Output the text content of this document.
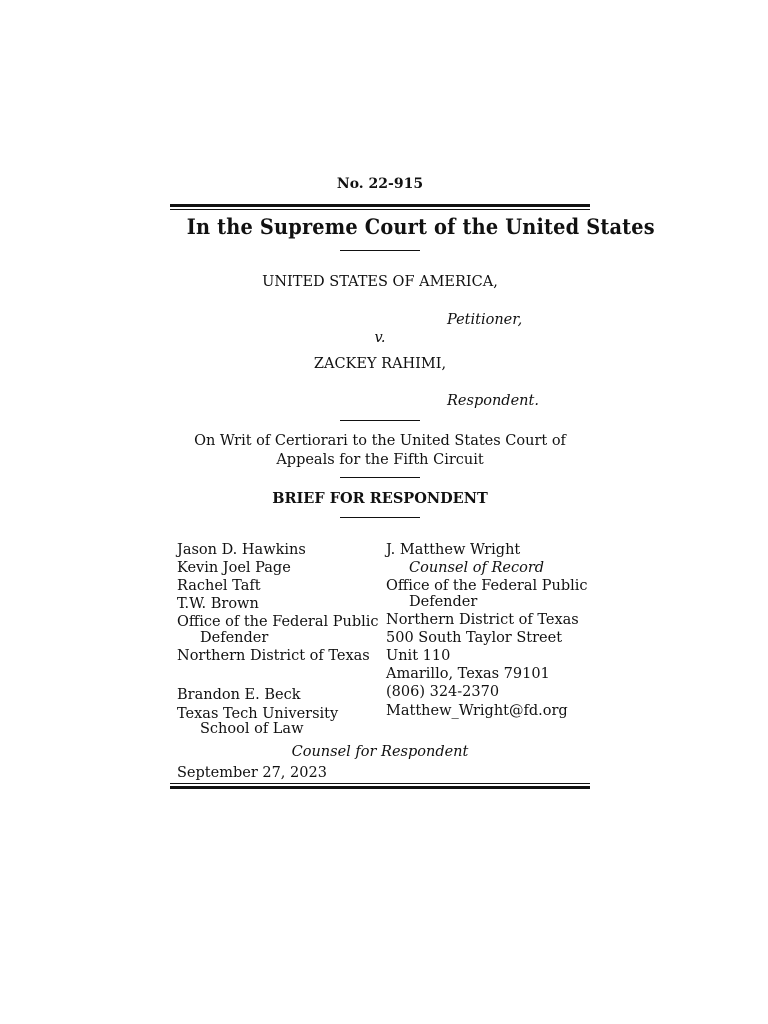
No. 22-915
In the Supreme Court of the United States
UNITED STATES OF AMERICA,
Petitioner,
v.
ZACKEY RAHIMI,
Respondent.
On Writ of Certiorari to the United States Court of
Appeals for the Fifth Circuit
BRIEF FOR RESPONDENT
Jason D. Hawkins
Kevin Joel Page
Rachel Taft
T.W. Brown
Office of the Federal Public
Defender
Northern District of Texas
Brandon E. Beck
Texas Tech University
School of Law
J. Matthew Wright
Counsel of Record
Office of the Federal Public
Defender
Northern District of Texas
500 South Taylor Street
Unit 110
Amarillo, Texas 79101
(806) 324-2370
Matthew_Wright@fd.org
Counsel for Respondent
September 27, 2023
